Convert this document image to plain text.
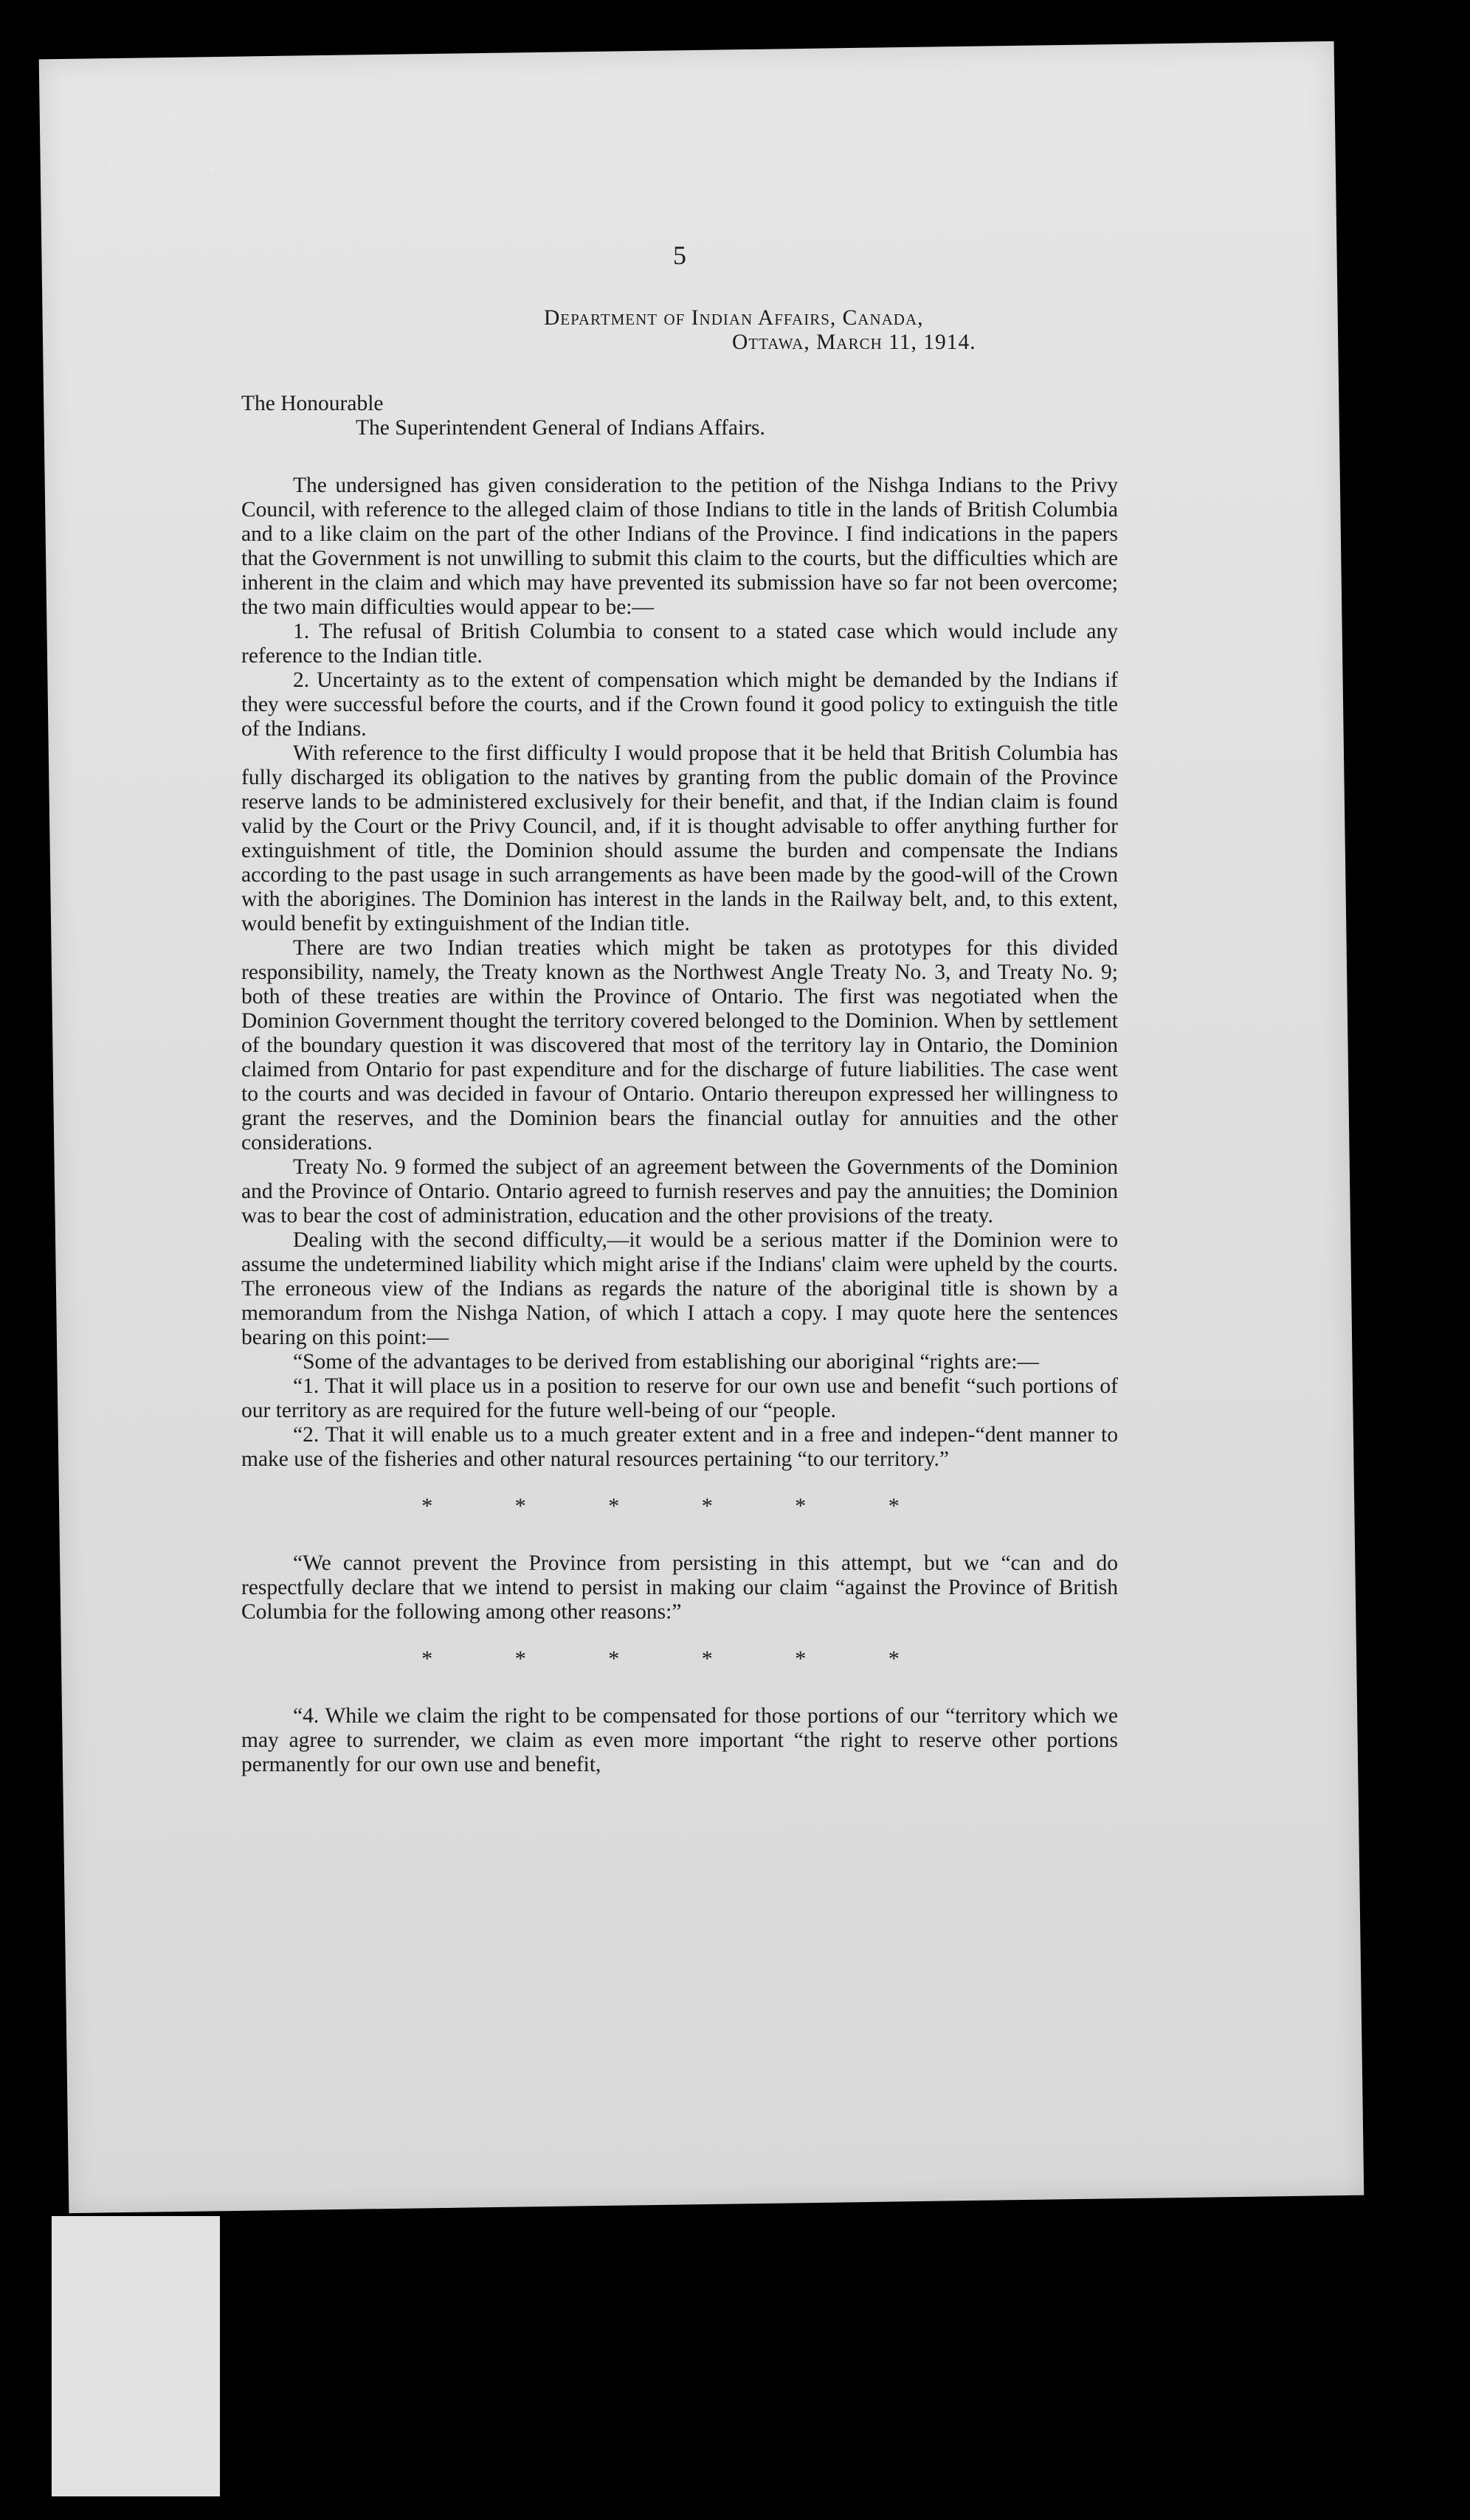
5
Department of Indian Affairs, Canada,
Ottawa, March 11, 1914.
The Honourable
The Superintendent General of Indians Affairs.

The undersigned has given consideration to the petition of the Nishga Indians to the Privy Council, with reference to the alleged claim of those Indians to title in the lands of British Columbia and to a like claim on the part of the other Indians of the Province. I find indications in the papers that the Government is not unwilling to submit this claim to the courts, but the difficulties which are inherent in the claim and which may have prevented its submission have so far not been overcome; the two main difficulties would appear to be:—

1. The refusal of British Columbia to consent to a stated case which would include any reference to the Indian title.

2. Uncertainty as to the extent of compensation which might be demanded by the Indians if they were successful before the courts, and if the Crown found it good policy to extinguish the title of the Indians.

With reference to the first difficulty I would propose that it be held that British Columbia has fully discharged its obligation to the natives by granting from the public domain of the Province reserve lands to be administered exclusively for their benefit, and that, if the Indian claim is found valid by the Court or the Privy Council, and, if it is thought advisable to offer anything further for extinguishment of title, the Dominion should assume the burden and compensate the Indians according to the past usage in such arrangements as have been made by the good-will of the Crown with the aborigines. The Dominion has interest in the lands in the Railway belt, and, to this extent, would benefit by extinguishment of the Indian title.

There are two Indian treaties which might be taken as prototypes for this divided responsibility, namely, the Treaty known as the Northwest Angle Treaty No. 3, and Treaty No. 9; both of these treaties are within the Province of Ontario. The first was negotiated when the Dominion Government thought the territory covered belonged to the Dominion. When by settlement of the boundary question it was discovered that most of the territory lay in Ontario, the Dominion claimed from Ontario for past expenditure and for the discharge of future liabilities. The case went to the courts and was decided in favour of Ontario. Ontario thereupon expressed her willingness to grant the reserves, and the Dominion bears the financial outlay for annuities and the other considerations.

Treaty No. 9 formed the subject of an agreement between the Governments of the Dominion and the Province of Ontario. Ontario agreed to furnish reserves and pay the annuities; the Dominion was to bear the cost of administration, education and the other provisions of the treaty.

Dealing with the second difficulty,—it would be a serious matter if the Dominion were to assume the undetermined liability which might arise if the Indians' claim were upheld by the courts. The erroneous view of the Indians as regards the nature of the aboriginal title is shown by a memorandum from the Nishga Nation, of which I attach a copy. I may quote here the sentences bearing on this point:—

“Some of the advantages to be derived from establishing our aboriginal “rights are:—

“1. That it will place us in a position to reserve for our own use and benefit “such portions of our territory as are required for the future well-being of our “people.

“2. That it will enable us to a much greater extent and in a free and indepen-“dent manner to make use of the fisheries and other natural resources pertaining “to our territory.”

* * * * * *

“We cannot prevent the Province from persisting in this attempt, but we “can and do respectfully declare that we intend to persist in making our claim “against the Province of British Columbia for the following among other reasons:”

* * * * * *

“4. While we claim the right to be compensated for those portions of our “territory which we may agree to surrender, we claim as even more important “the right to reserve other portions permanently for our own use and benefit,
